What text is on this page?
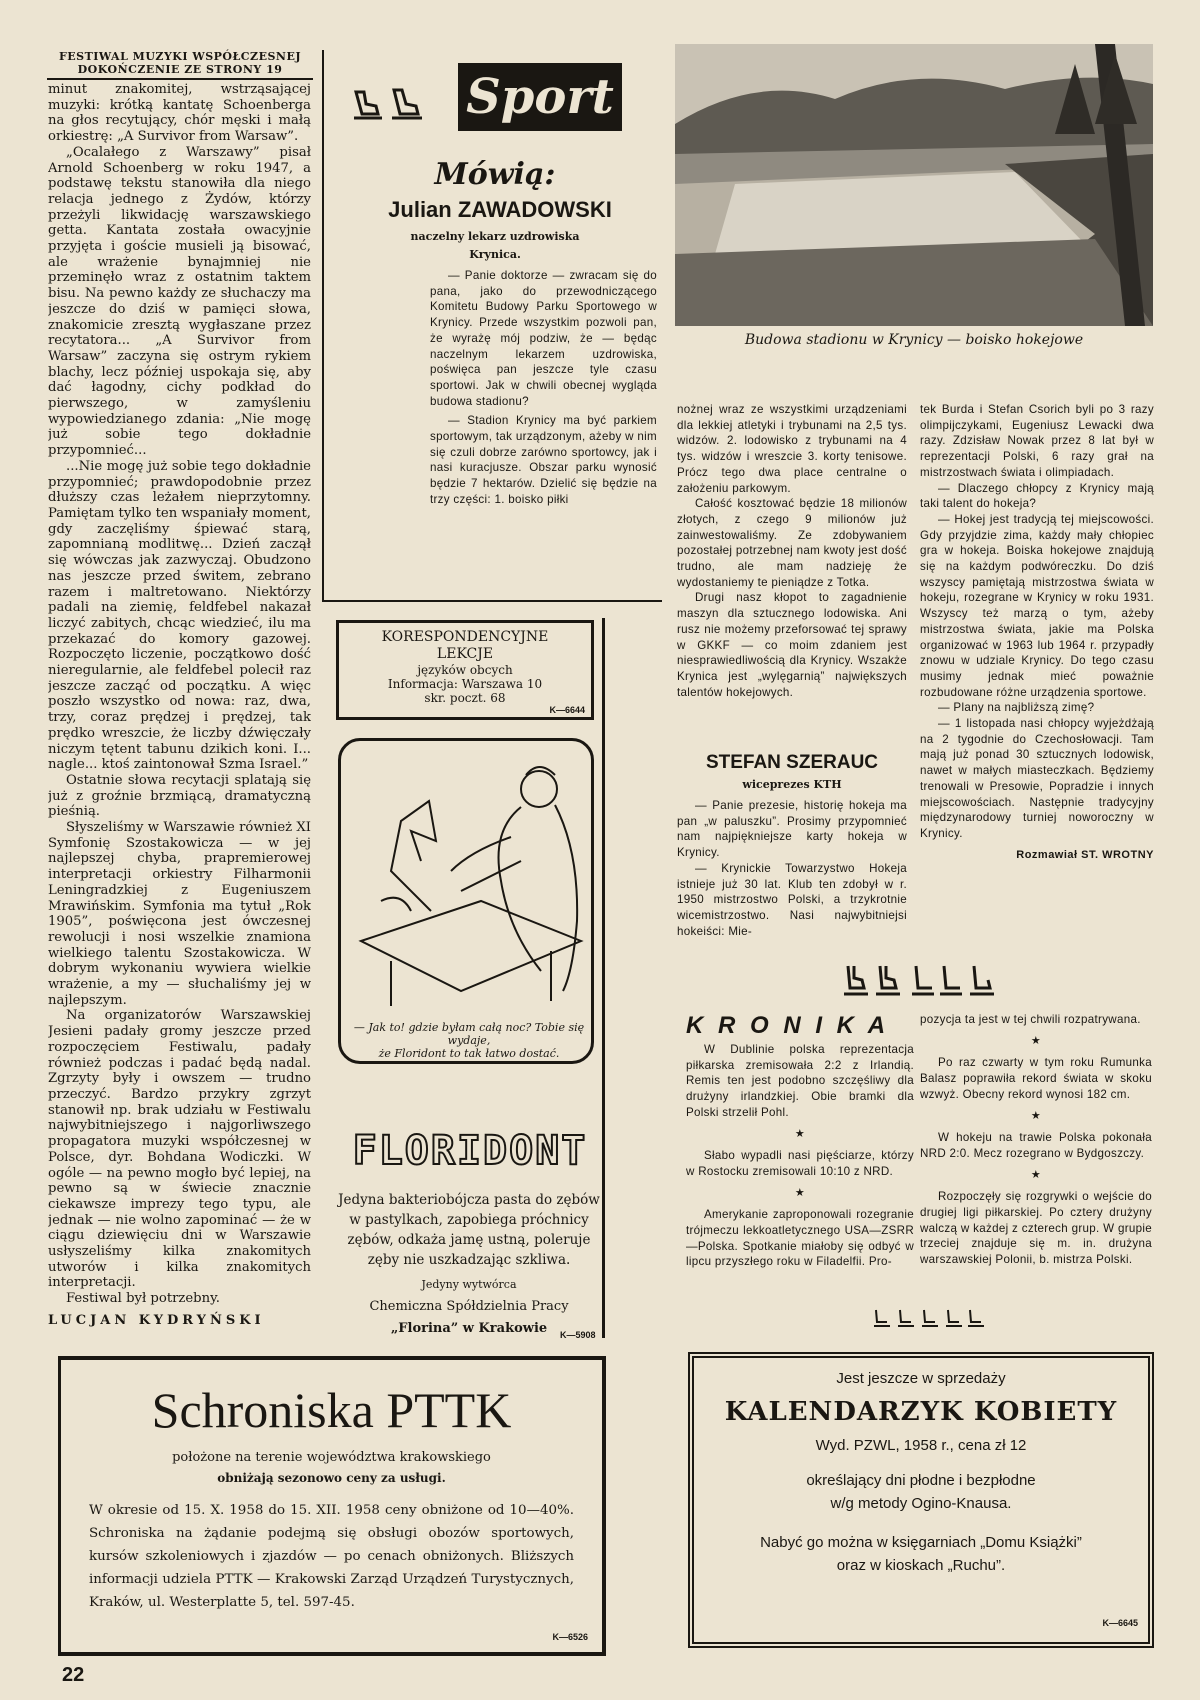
FESTIWAL MUZYKI WSPÓŁCZESNEJ
DOKOŃCZENIE ZE STRONY 19

minut znakomitej, wstrząsającej muzyki: krótką kantatę Schoenberga na głos recytujący, chór męski i małą orkiestrę: „A Survivor from Warsaw”.

„Ocalałego z Warszawy” pisał Arnold Schoenberg w roku 1947, a podstawę tekstu stanowiła dla niego relacja jednego z Żydów, którzy przeżyli likwidację warszawskiego getta. Kantata została owacyjnie przyjęta i goście musieli ją bisować, ale wrażenie bynajmniej nie przeminęło wraz z ostatnim taktem bisu. Na pewno każdy ze słuchaczy ma jeszcze do dziś w pamięci słowa, znakomicie zresztą wygłaszane przez recytatora... „A Survivor from Warsaw” zaczyna się ostrym rykiem blachy, lecz później uspokaja się, aby dać łagodny, cichy podkład do pierwszego, w zamyśleniu wypowiedzianego zdania: „Nie mogę już sobie tego dokładnie przypomnieć...

...Nie mogę już sobie tego dokładnie przypomnieć; prawdopodobnie przez dłuższy czas leżałem nieprzytomny. Pamiętam tylko ten wspaniały moment, gdy zaczęliśmy śpiewać starą, zapomnianą modlitwę... Dzień zaczął się wówczas jak zazwyczaj. Obudzono nas jeszcze przed świtem, zebrano razem i maltretowano. Niektórzy padali na ziemię, feldfebel nakazał liczyć zabitych, chcąc wiedzieć, ilu ma przekazać do komory gazowej. Rozpoczęto liczenie, początkowo dość nieregularnie, ale feldfebel polecił raz jeszcze zacząć od początku. A więc poszło wszystko od nowa: raz, dwa, trzy, coraz prędzej i prędzej, tak prędko wreszcie, że liczby dźwięczały niczym tętent tabunu dzikich koni. I... nagle... ktoś zaintonował Szma Israel.”

Ostatnie słowa recytacji splatają się już z groźnie brzmiącą, dramatyczną pieśnią.

Słyszeliśmy w Warszawie również XI Symfonię Szostakowicza — w jej najlepszej chyba, prapremierowej interpretacji orkiestry Filharmonii Leningradzkiej z Eugeniuszem Mrawińskim. Symfonia ma tytuł „Rok 1905”, poświęcona jest ówczesnej rewolucji i nosi wszelkie znamiona wielkiego talentu Szostakowicza. W dobrym wykonaniu wywiera wielkie wrażenie, a my — słuchaliśmy jej w najlepszym.

Na organizatorów Warszawskiej Jesieni padały gromy jeszcze przed rozpoczęciem Festiwalu, padały również podczas i padać będą nadal. Zgrzyty były i owszem — trudno przeczyć. Bardzo przykry zgrzyt stanowił np. brak udziału w Festiwalu najwybitniejszego i najgorliwszego propagatora muzyki współczesnej w Polsce, dyr. Bohdana Wodiczki. W ogóle — na pewno mogło być lepiej, na pewno są w świecie znacznie ciekawsze imprezy tego typu, ale jednak — nie wolno zapominać — że w ciągu dziewięciu dni w Warszawie usłyszeliśmy kilka znakomitych utworów i kilka znakomitych interpretacji.

Festiwal był potrzebny.

LUCJAN KYDRYŃSKI
Sport
Mówią:
Julian ZAWADOWSKI
naczelny lekarz uzdrowiska
Krynica.

— Panie doktorze — zwracam się do pana, jako do przewodniczącego Komitetu Budowy Parku Sportowego w Krynicy. Przede wszystkim pozwoli pan, że wyrażę mój podziw, że — będąc naczelnym lekarzem uzdrowiska, poświęca pan jeszcze tyle czasu sportowi. Jak w chwili obecnej wygląda budowa stadionu?

— Stadion Krynicy ma być parkiem sportowym, tak urządzonym, ażeby w nim się czuli dobrze zarówno sportowcy, jak i nasi kuracjusze. Obszar parku wynosić będzie 7 hektarów. Dzielić się będzie na trzy części: 1. boisko piłki

Budowa stadionu w Krynicy — boisko hokejowe

nożnej wraz ze wszystkimi urządzeniami dla lekkiej atletyki i trybunami na 2,5 tys. widzów. 2. lodowisko z trybunami na 4 tys. widzów i wreszcie 3. korty tenisowe. Prócz tego dwa place centralne o założeniu parkowym.

Całość kosztować będzie 18 milionów złotych, z czego 9 milionów już zainwestowaliśmy. Ze zdobywaniem pozostałej potrzebnej nam kwoty jest dość trudno, ale mam nadzieję że wydostaniemy te pieniądze z Totka.

Drugi nasz kłopot to zagadnienie maszyn dla sztucznego lodowiska. Ani rusz nie możemy przeforsować tej sprawy w GKKF — co moim zdaniem jest niesprawiedliwością dla Krynicy. Wszakże Krynica jest „wylęgarnią” największych talentów hokejowych.

STEFAN SZERAUC
wiceprezes KTH

— Panie prezesie, historię hokeja ma pan „w paluszku”. Prosimy przypomnieć nam najpiękniejsze karty hokeja w Krynicy.

— Krynickie Towarzystwo Hokeja istnieje już 30 lat. Klub ten zdobył w r. 1950 mistrzostwo Polski, a trzykrotnie wicemistrzostwo. Nasi najwybitniejsi hokeiści: Mie-

tek Burda i Stefan Csorich byli po 3 razy olimpijczykami, Eugeniusz Lewacki dwa razy. Zdzisław Nowak przez 8 lat był w reprezentacji Polski, 6 razy grał na mistrzostwach świata i olimpiadach.

— Dlaczego chłopcy z Krynicy mają taki talent do hokeja?

— Hokej jest tradycją tej miejscowości. Gdy przyjdzie zima, każdy mały chłopiec gra w hokeja. Boiska hokejowe znajdują się na każdym podwóreczku. Do dziś wszyscy pamiętają mistrzostwa świata w hokeju, rozegrane w Krynicy w roku 1931. Wszyscy też marzą o tym, ażeby mistrzostwa świata, jakie ma Polska organizować w 1963 lub 1964 r. przypadły znowu w udziale Krynicy. Do tego czasu musimy jednak mieć poważnie rozbudowane różne urządzenia sportowe.

— Plany na najbliższą zimę?

— 1 listopada nasi chłopcy wyjeżdżają na 2 tygodnie do Czechosłowacji. Tam mają już ponad 30 sztucznych lodowisk, nawet w małych miasteczkach. Będziemy trenowali w Presowie, Popradzie i innych miejscowościach. Następnie tradycyjny międzynarodowy turniej noworoczny w Krynicy.

Rozmawiał ST. WROTNY
KORESPONDENCYJNE
LEKCJE
języków obcych
Informacja: Warszawa 10
skr. poczt. 68
K—6644
— Jak to! gdzie byłam całą noc? Tobie się wydaje,
że Floridont to tak łatwo dostać.
FLORIDONT
Jedyna bakteriobójcza pasta do zębów w pastylkach, zapobiega próchnicy zębów, odkaża jamę ustną, poleruje zęby nie uszkadzając szkliwa.
Jedyny wytwórca
Chemiczna Spółdzielnia Pracy
„Florina” w Krakowie	K—5908
K R O N I K A

W Dublinie polska reprezentacja piłkarska zremisowała 2:2 z Irlandią. Remis ten jest podobno szczęśliwy dla drużyny irlandzkiej. Obie bramki dla Polski strzelił Pohl.

★

Słabo wypadli nasi pięściarze, którzy w Rostocku zremisowali 10:10 z NRD.

★

Amerykanie zaproponowali rozegranie trójmeczu lekkoatletycznego USA—ZSRR—Polska. Spotkanie miałoby się odbyć w lipcu przyszłego roku w Filadelfii. Pro-

pozycja ta jest w tej chwili rozpatrywana.

★

Po raz czwarty w tym roku Rumunka Balasz poprawiła rekord świata w skoku wzwyż. Obecny rekord wynosi 182 cm.

★

W hokeju na trawie Polska pokonała NRD 2:0. Mecz rozegrano w Bydgoszczy.

★

Rozpoczęły się rozgrywki o wejście do drugiej ligi piłkarskiej. Po cztery drużyny walczą w każdej z czterech grup. W grupie trzeciej znajduje się m. in. drużyna warszawskiej Polonii, b. mistrza Polski.

Schroniska PTTK
położone na terenie województwa krakowskiego
obniżają sezonowo ceny za usługi.
W okresie od 15. X. 1958 do 15. XII. 1958 ceny obniżone od 10—40%. Schroniska na żądanie podejmą się obsługi obozów sportowych, kursów szkoleniowych i zjazdów — po cenach obniżonych. Bliższych informacji udziela PTTK — Krakowski Zarząd Urządzeń Turystycznych, Kraków, ul. Westerplatte 5, tel. 597-45.
K—6526
Jest jeszcze w sprzedaży
KALENDARZYK KOBIETY
Wyd. PZWL, 1958 r., cena zł 12
określający dni płodne i bezpłodne
w/g metody Ogino-Knausa.
Nabyć go można w księgarniach „Domu Książki”
oraz w kioskach „Ruchu”.
K—6645
22
